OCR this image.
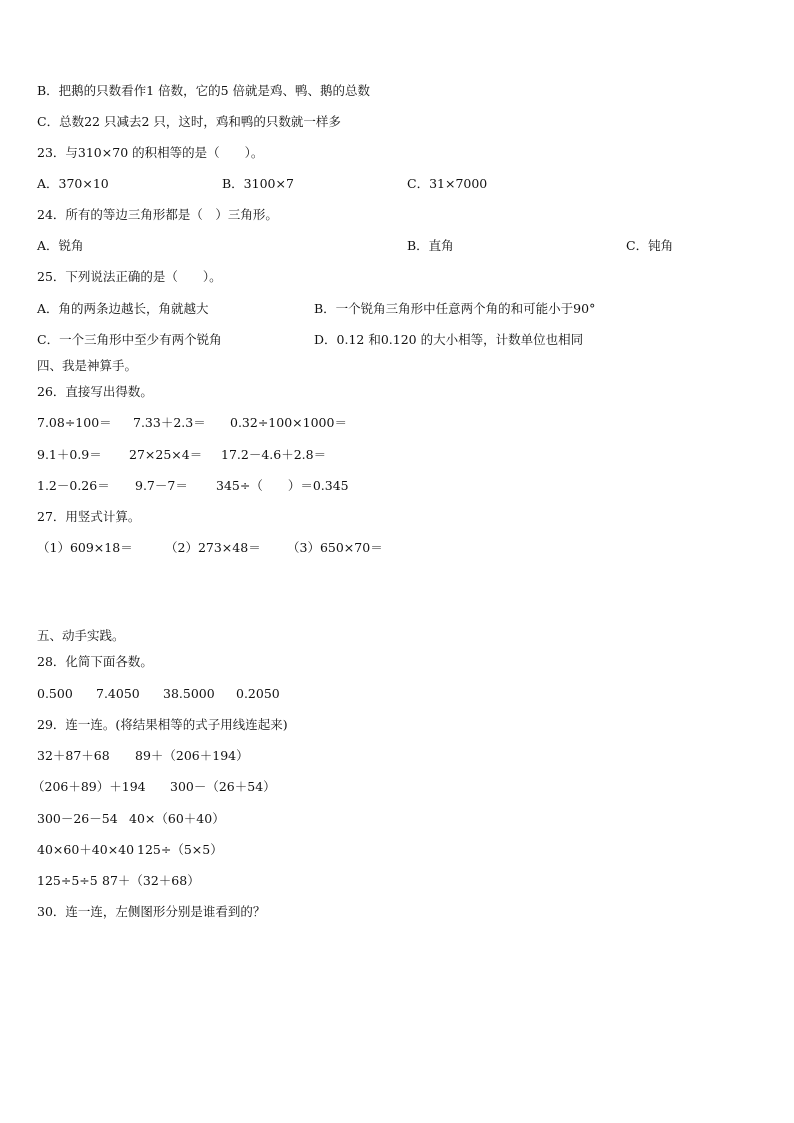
B．把鹅的只数看作1 倍数，它的5 倍就是鸡、鸭、鹅的总数
C．总数22 只减去2 只，这时，鸡和鸭的只数就一样多
23．与310×70 的积相等的是（　　）。
A．370×10	B．3100×7	C．31×7000
24．所有的等边三角形都是（　）三角形。
A．锐角	B．直角	C．钝角
25．下列说法正确的是（　　）。
A．角的两条边越长，角就越大	B．一个锐角三角形中任意两个角的和可能小于90°
C．一个三角形中至少有两个锐角	D．0.12 和0.120 的大小相等，计数单位也相同
四、我是神算手。
26．直接写出得数。
7.08÷100＝ 7.33＋2.3＝ 0.32÷100×1000＝
9.1＋0.9＝ 27×25×4＝ 17.2－4.6＋2.8＝
1.2－0.26＝ 9.7－7＝ 345÷（　　）＝0.345
27．用竖式计算。
（1）609×18＝	（2）273×48＝ （3）650×70＝
五、动手实践。
28．化简下面各数。
0.500 7.4050 38.5000 0.2050
29．连一连。(将结果相等的式子用线连起来)
32＋87＋68 89＋（206＋194）
（206＋89）＋194 300－（26＋54）
300－26－54 40×（60＋40）
40×60＋40×40 125÷（5×5）
125÷5÷5 87＋（32＋68）
30．连一连，左侧图形分别是谁看到的？
